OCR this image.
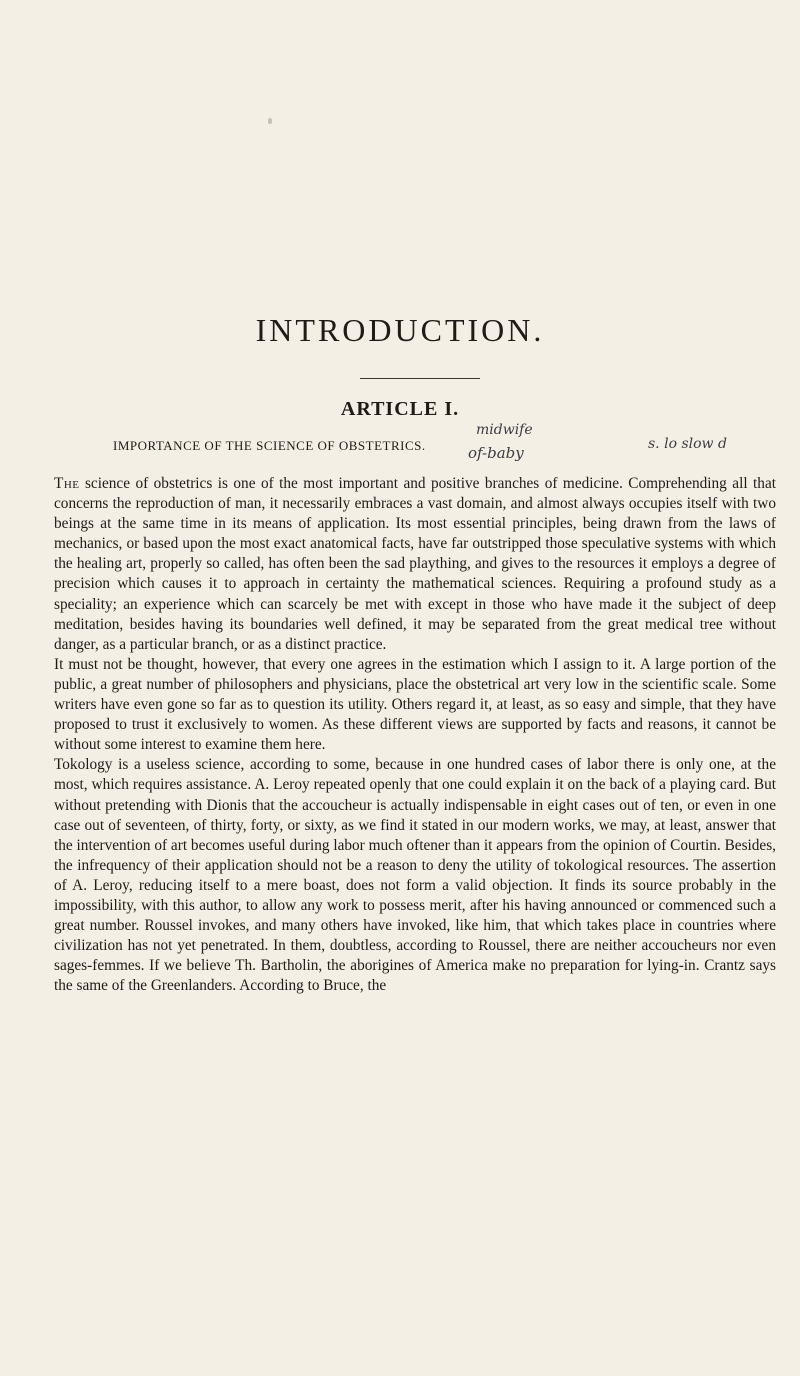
INTRODUCTION.
ARTICLE I.
IMPORTANCE OF THE SCIENCE OF OBSTETRICS.
midwife
of-baby	s. lo slow d

The science of obstetrics is one of the most important and positive branches of medicine. Comprehending all that concerns the reproduction of man, it necessarily embraces a vast domain, and almost always occupies itself with two beings at the same time in its means of application. Its most essential principles, being drawn from the laws of mechanics, or based upon the most exact anatomical facts, have far outstripped those speculative systems with which the healing art, properly so called, has often been the sad plaything, and gives to the resources it employs a degree of precision which causes it to approach in certainty the mathematical sciences. Requiring a profound study as a speciality; an experience which can scarcely be met with except in those who have made it the subject of deep meditation, besides having its boundaries well defined, it may be separated from the great medical tree without danger, as a particular branch, or as a distinct practice.

It must not be thought, however, that every one agrees in the estimation which I assign to it. A large portion of the public, a great number of philosophers and physicians, place the obstetrical art very low in the scientific scale. Some writers have even gone so far as to question its utility. Others regard it, at least, as so easy and simple, that they have proposed to trust it exclusively to women. As these different views are supported by facts and reasons, it cannot be without some interest to examine them here.

Tokology is a useless science, according to some, because in one hundred cases of labor there is only one, at the most, which requires assistance. A. Leroy repeated openly that one could explain it on the back of a playing card. But without pretending with Dionis that the accoucheur is actually indispensable in eight cases out of ten, or even in one case out of seventeen, of thirty, forty, or sixty, as we find it stated in our modern works, we may, at least, answer that the intervention of art becomes useful during labor much oftener than it appears from the opinion of Courtin. Besides, the infrequency of their application should not be a reason to deny the utility of tokological resources. The assertion of A. Leroy, reducing itself to a mere boast, does not form a valid objection. It finds its source probably in the impossibility, with this author, to allow any work to possess merit, after his having announced or commenced such a great number. Roussel invokes, and many others have invoked, like him, that which takes place in countries where civilization has not yet penetrated. In them, doubtless, according to Roussel, there are neither accoucheurs nor even sages-femmes. If we believe Th. Bartholin, the aborigines of America make no preparation for lying-in. Crantz says the same of the Greenlanders. According to Bruce, the
